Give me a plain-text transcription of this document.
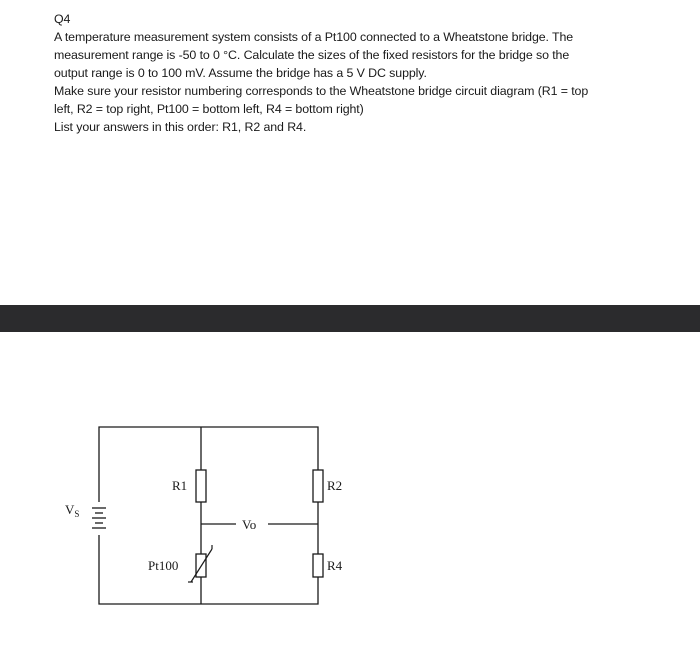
Q4

A temperature measurement system consists of a Pt100 connected to a Wheatstone bridge. The

measurement range is -50 to 0 °C. Calculate the sizes of the fixed resistors for the bridge so the

output range is 0 to 100 mV. Assume the bridge has a 5 V DC supply.

Make sure your resistor numbering corresponds to the Wheatstone bridge circuit diagram (R1 = top

left, R2 = top right, Pt100 = bottom left, R4 = bottom right)

List your answers in this order: R1, R2 and R4.

$V_S$
R1	R2
Pt100	R4
Vo
